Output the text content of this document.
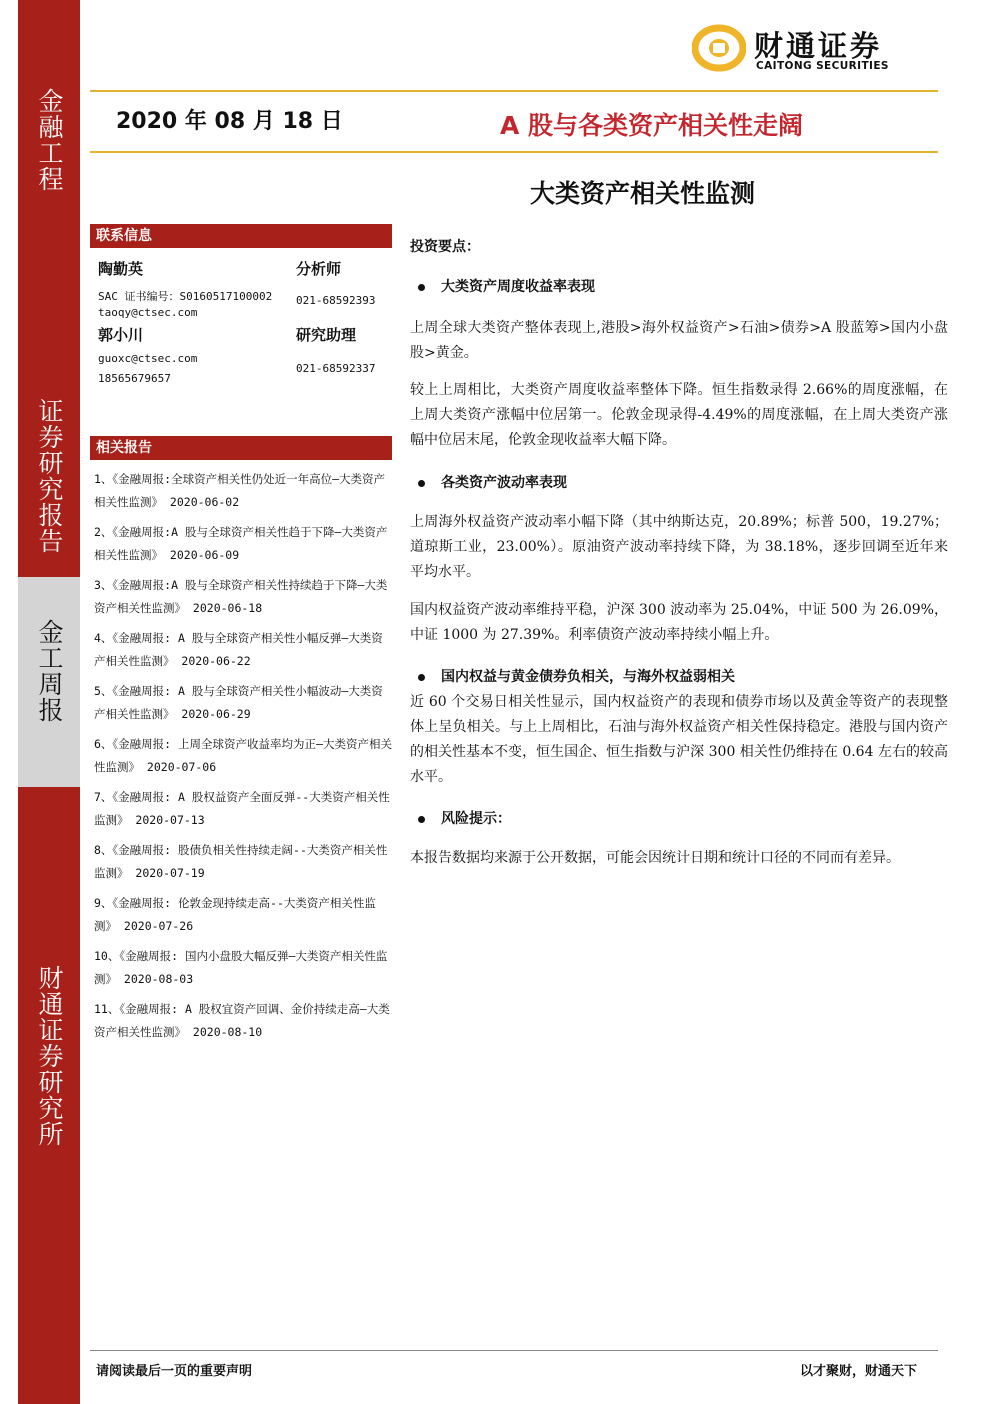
金融工程
证券研究报告
金工周报
财通证券研究所
财通证券
CAITONG SECURITIES
2020 年 08 月 18 日	A 股与各类资产相关性走阔
大类资产相关性监测
联系信息
陶勤英	分析师
SAC 证书编号：S0160517100002 021-68592393
taoqy@ctsec.com
郭小川	研究助理
guoxc@ctsec.com
021-68592337
18565679657
相关报告
1、《金融周报:全球资产相关性仍处近一年高位—大类资产相关性监测》 2020-06-02
2、《金融周报:A 股与全球资产相关性趋于下降—大类资产相关性监测》 2020-06-09
3、《金融周报:A 股与全球资产相关性持续趋于下降—大类资产相关性监测》 2020-06-18
4、《金融周报: A 股与全球资产相关性小幅反弹—大类资产相关性监测》 2020-06-22
5、《金融周报: A 股与全球资产相关性小幅波动—大类资产相关性监测》 2020-06-29
6、《金融周报: 上周全球资产收益率均为正—大类资产相关性监测》 2020-07-06
7、《金融周报: A 股权益资产全面反弹--大类资产相关性监测》 2020-07-13
8、《金融周报: 股债负相关性持续走阔--大类资产相关性监测》 2020-07-19
9、《金融周报: 伦敦金现持续走高--大类资产相关性监测》 2020-07-26
10、《金融周报: 国内小盘股大幅反弹—大类资产相关性监测》 2020-08-03
11、《金融周报: A 股权宜资产回调、金价持续走高—大类资产相关性监测》 2020-08-10
投资要点：
大类资产周度收益率表现
上周全球大类资产整体表现上,港股>海外权益资产>石油>债券>A 股蓝筹>国内小盘股>黄金。
较上上周相比，大类资产周度收益率整体下降。恒生指数录得 2.66%的周度涨幅，在上周大类资产涨幅中位居第一。伦敦金现录得-4.49%的周度涨幅，在上周大类资产涨幅中位居末尾，伦敦金现收益率大幅下降。
各类资产波动率表现
上周海外权益资产波动率小幅下降（其中纳斯达克，20.89%；标普 500，19.27%；道琼斯工业，23.00%）。原油资产波动率持续下降，为 38.18%，逐步回调至近年来平均水平。
国内权益资产波动率维持平稳，沪深 300 波动率为 25.04%，中证 500 为 26.09%，中证 1000 为 27.39%。利率债资产波动率持续小幅上升。
国内权益与黄金债券负相关，与海外权益弱相关
近 60 个交易日相关性显示，国内权益资产的表现和债券市场以及黄金等资产的表现整体上呈负相关。与上上周相比，石油与海外权益资产相关性保持稳定。港股与国内资产的相关性基本不变，恒生国企、恒生指数与沪深 300 相关性仍维持在 0.64 左右的较高水平。
风险提示：
本报告数据均来源于公开数据，可能会因统计日期和统计口径的不同而有差异。
请阅读最后一页的重要声明	以才聚财，财通天下
